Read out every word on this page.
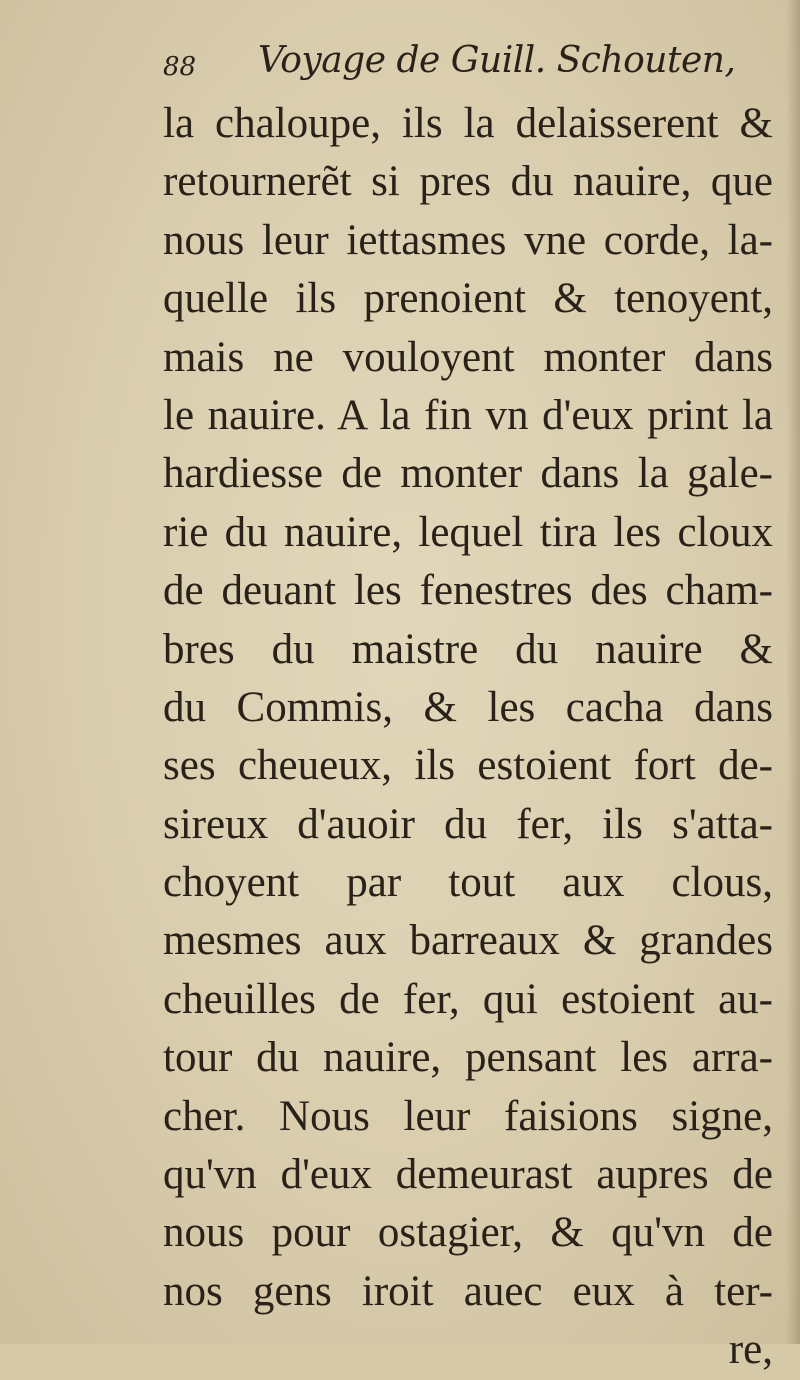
88 Voyage de Guill. Schouten,
la chaloupe, ils la delaisserent &
retournerẽt si pres du nauire, que
nous leur iettasmes vne corde, la-
quelle ils prenoient & tenoyent,
mais ne vouloyent monter dans
le nauire. A la fin vn d'eux print la
hardiesse de monter dans la gale-
rie du nauire, lequel tira les cloux
de deuant les fenestres des cham-
bres du maistre du nauire &
du Commis, & les cacha dans
ses cheueux, ils estoient fort de-
sireux d'auoir du fer, ils s'atta-
choyent par tout aux clous,
mesmes aux barreaux & grandes
cheuilles de fer, qui estoient au-
tour du nauire, pensant les arra-
cher. Nous leur faisions signe,
qu'vn d'eux demeurast aupres de
nous pour ostagier, & qu'vn de
nos gens iroit auec eux à ter-
re,
